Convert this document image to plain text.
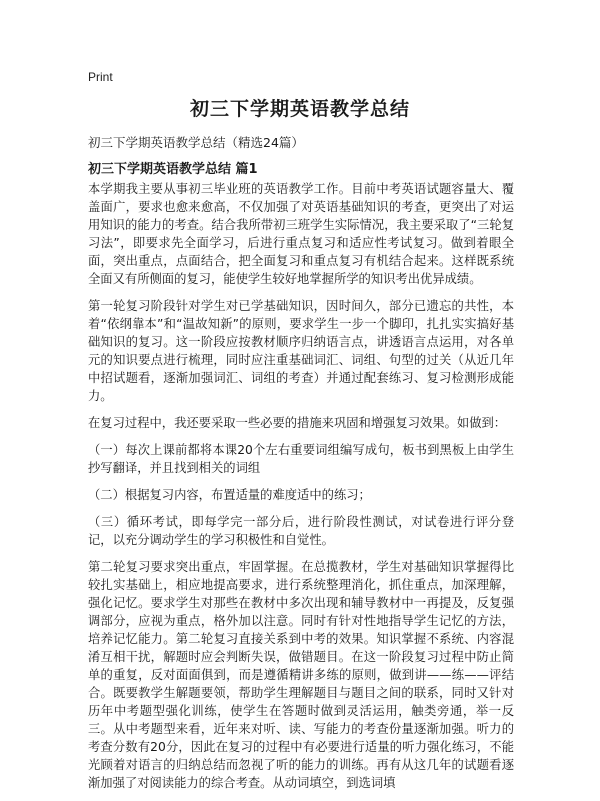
Print
初三下学期英语教学总结
初三下学期英语教学总结（精选24篇）
初三下学期英语教学总结 篇1

本学期我主要从事初三毕业班的英语教学工作。目前中考英语试题容量大、覆盖面广，要求也愈来愈高，不仅加强了对英语基础知识的考查，更突出了对运用知识的能力的考查。结合我所带初三班学生实际情况，我主要采取了“三轮复习法”，即要求先全面学习，后进行重点复习和适应性考试复习。做到着眼全面，突出重点，点面结合，把全面复习和重点复习有机结合起来。这样既系统全面又有所侧面的复习，能使学生较好地掌握所学的知识考出优异成绩。

第一轮复习阶段针对学生对已学基础知识，因时间久，部分已遗忘的共性，本着“依纲靠本”和“温故知新”的原则，要求学生一步一个脚印，扎扎实实搞好基础知识的复习。这一阶段应按教材顺序归纳语言点，讲透语言点运用，对各单元的知识要点进行梳理，同时应注重基础词汇、词组、句型的过关（从近几年中招试题看，逐渐加强词汇、词组的考查）并通过配套练习、复习检测形成能力。

在复习过程中，我还要采取一些必要的措施来巩固和增强复习效果。如做到：

（一）每次上课前都将本课20个左右重要词组编写成句，板书到黑板上由学生抄写翻译，并且找到相关的词组

（二）根据复习内容，布置适量的难度适中的练习；

（三）循环考试，即每学完一部分后，进行阶段性测试，对试卷进行评分登记，以充分调动学生的学习积极性和自觉性。

第二轮复习要求突出重点，牢固掌握。在总揽教材，学生对基础知识掌握得比较扎实基础上，相应地提高要求，进行系统整理消化，抓住重点，加深理解，强化记忆。要求学生对那些在教材中多次出现和辅导教材中一再提及，反复强调部分，应视为重点，格外加以注意。同时有针对性地指导学生记忆的方法，培养记忆能力。第二轮复习直接关系到中考的效果。知识掌握不系统、内容混淆互相干扰，解题时应会判断失误，做错题目。在这一阶段复习过程中防止简单的重复，反对面面俱到，而是遵循精讲多练的原则，做到讲——练——评结合。既要教学生解题要领，帮助学生理解题目与题目之间的联系，同时又针对历年中考题型强化训练，使学生在答题时做到灵活运用，触类旁通，举一反三。从中考题型来看，近年来对听、读、写能力的考查份量逐渐加强。听力的考查分数有20分，因此在复习的过程中有必要进行适量的听力强化练习，不能光顾着对语言的归纳总结而忽视了听的能力的训练。再有从这几年的试题看逐渐加强了对阅读能力的综合考查。从动词填空，到选词填
